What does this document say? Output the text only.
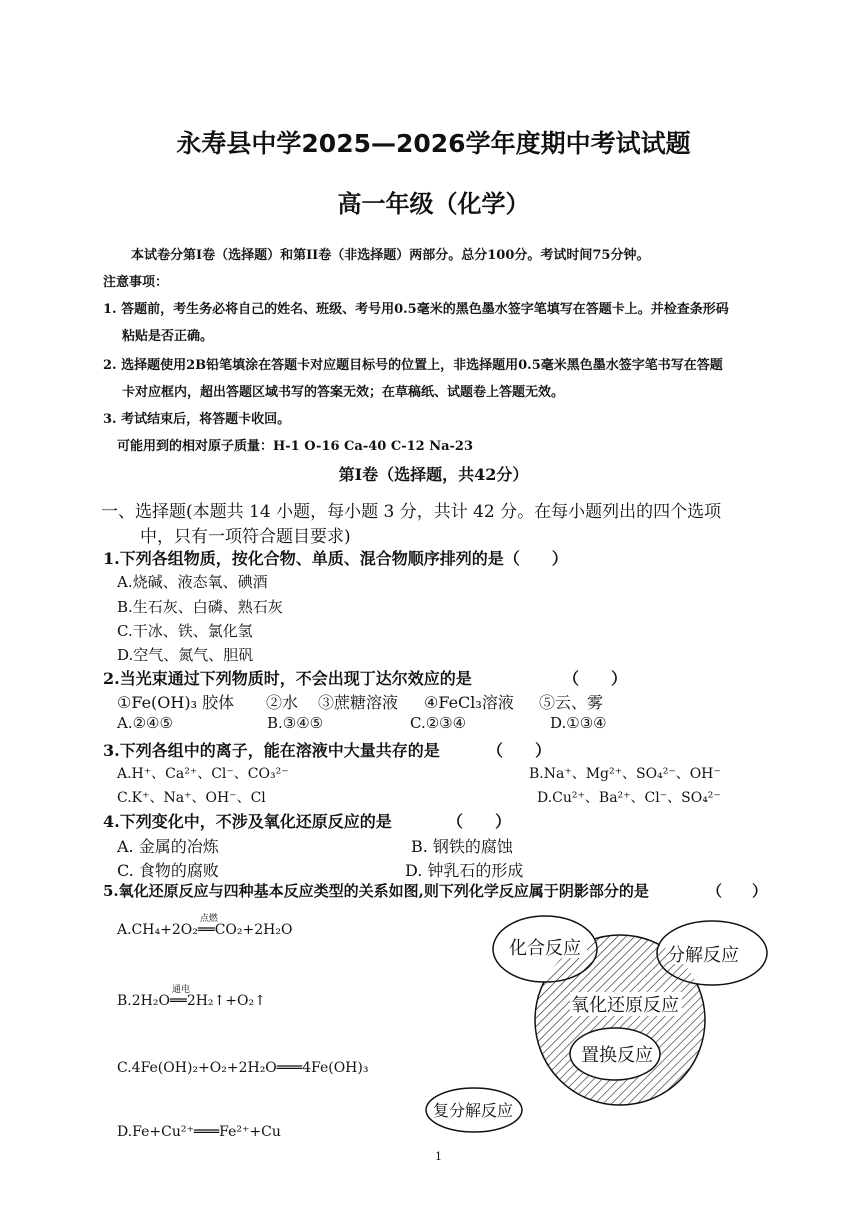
永寿县中学2025—2026学年度期中考试试题
高一年级（化学）
本试卷分第I卷（选择题）和第II卷（非选择题）两部分。总分100分。考试时间75分钟。
注意事项：
1. 答题前，考生务必将自己的姓名、班级、考号用0.5毫米的黑色墨水签字笔填写在答题卡上。并检查条形码
粘贴是否正确。
2. 选择题使用2B铅笔填涂在答题卡对应题目标号的位置上，非选择题用0.5毫米黑色墨水签字笔书写在答题
卡对应框内，超出答题区域书写的答案无效；在草稿纸、试题卷上答题无效。
3. 考试结束后，将答题卡收回。
可能用到的相对原子质量：H-1 O-16 Ca-40 C-12 Na-23
第Ⅰ卷（选择题，共42分）
一、选择题(本题共 14 小题，每小题 3 分，共计 42 分。在每小题列出的四个选项
中，只有一项符合题目要求)
1.下列各组物质，按化合物、单质、混合物顺序排列的是（　　）
A.烧碱、液态氧、碘酒
B.生石灰、白磷、熟石灰
C.干冰、铁、氯化氢
D.空气、氮气、胆矾
2.当光束通过下列物质时，不会出现丁达尔效应的是	（　　）
①Fe(OH)₃ 胶体 ②水 ③蔗糖溶液 ④FeCl₃溶液 ⑤云、雾
A.②④⑤	B.③④⑤	C.②③④	D.①③④
3.下列各组中的离子，能在溶液中大量共存的是	（　　）
A.H⁺、Ca²⁺、Cl⁻、CO₃²⁻	B.Na⁺、Mg²⁺、SO₄²⁻、OH⁻
C.K⁺、Na⁺、OH⁻、Cl	D.Cu²⁺、Ba²⁺、Cl⁻、SO₄²⁻
4.下列变化中，不涉及氧化还原反应的是	（　　）
A. 金属的冶炼	B. 钢铁的腐蚀
C. 食物的腐败	D. 钟乳石的形成
5.氧化还原反应与四种基本反应类型的关系如图,则下列化学反应属于阴影部分的是	（　　）
A.CH₄+2O₂
点燃
══CO₂+2H₂O
B.2H₂O
通电
══2H₂↑+O₂↑
C.4Fe(OH)₂+O₂+2H₂O═══4Fe(OH)₃
D.Fe+Cu²⁺═══Fe²⁺+Cu
化合反应	分解反应
氧化还原反应
置换反应
复分解反应
1
